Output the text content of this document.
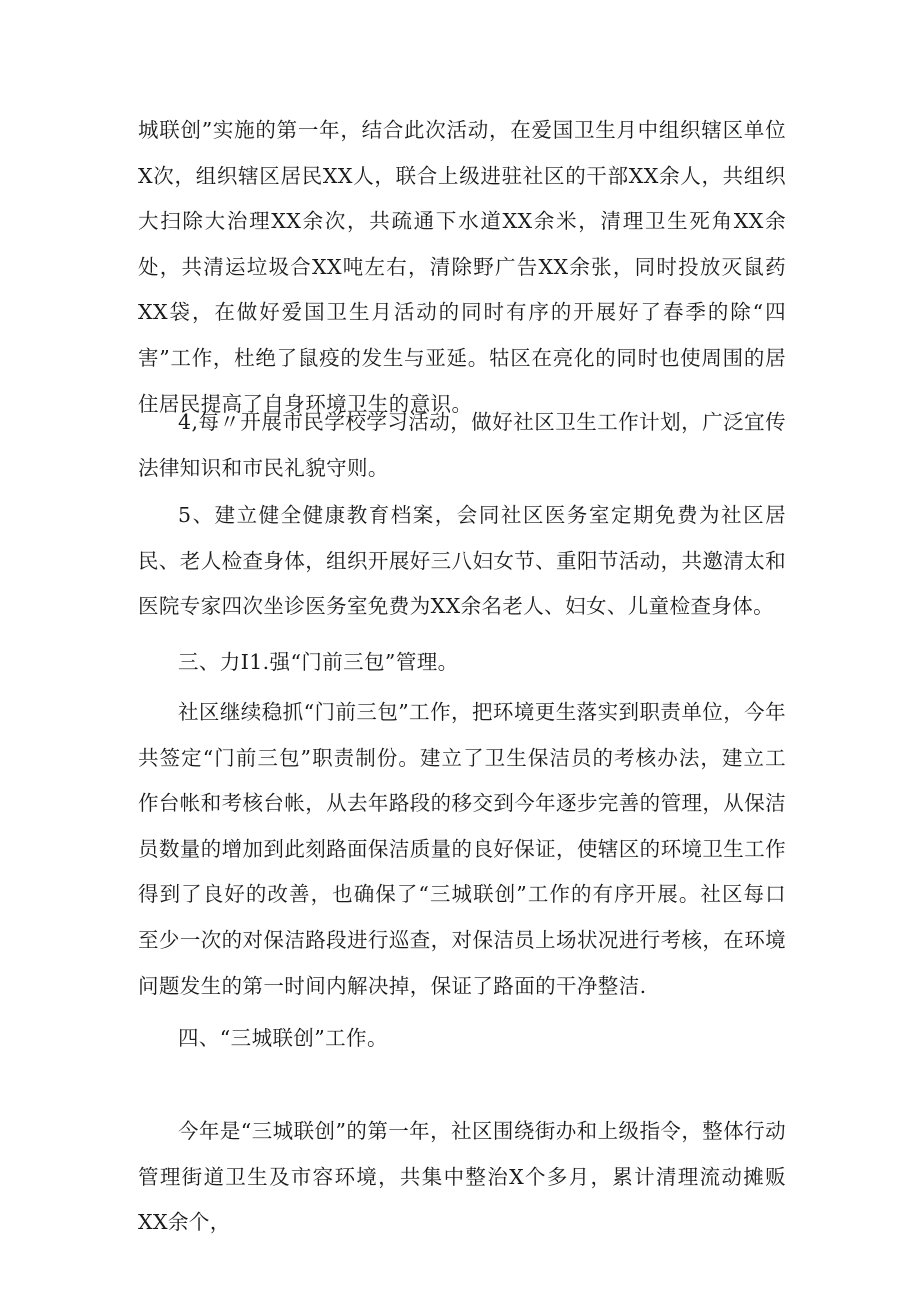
城联创”实施的第一年，结合此次活动，在爱国卫生月中组织辖区单位X次，组织辖区居民XX人，联合上级进驻社区的干部XX余人，共组织大扫除大治理XX余次，共疏通下水道XX余米，清理卫生死角XX余处，共清运垃圾合XX吨左右，清除野广告XX余张，同时投放灭鼠药XX袋，在做好爱国卫生月活动的同时有序的开展好了春季的除“四害”工作，杜绝了鼠疫的发生与亚延。牯区在亮化的同时也使周围的居住居民提高了自身环境卫生的意识。

4,每〃开展市民学校学习活动，做好社区卫生工作计划，广泛宜传法律知识和市民礼貌守则。

5、建立健全健康教育档案，会同社区医务室定期免费为社区居民、老人检查身体，组织开展好三八妇女节、重阳节活动，共邀清太和医院专家四次坐诊医务室免费为XX余名老人、妇女、儿童检查身体。

三、力I1.强“门前三包”管理。

社区继续稳抓“门前三包”工作，把环境更生落实到职责单位，今年共签定“门前三包”职责制份。建立了卫生保洁员的考核办法，建立工作台帐和考核台帐，从去年路段的移交到今年逐步完善的管理，从保洁员数量的增加到此刻路面保洁质量的良好保证，使辖区的环境卫生工作得到了良好的改善，也确保了“三城联创”工作的有序开展。社区每口至少一次的对保洁路段进行巡查，对保洁员上场状况进行考核，在环境问题发生的第一时间内解决掉，保证了路面的干净整洁.

四、“三城联创”工作。

今年是“三城联创”的第一年，社区围绕街办和上级指令，整体行动管理街道卫生及市容环境，共集中整治X个多月，累计清理流动摊贩XX余个，
